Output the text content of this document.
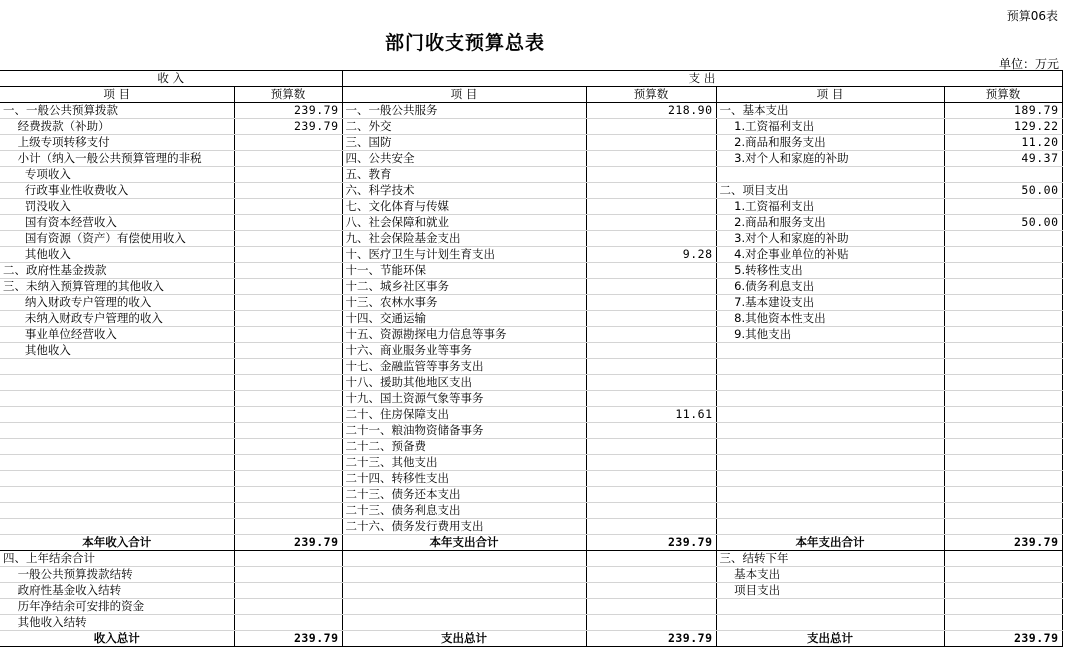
预算06表
部门收支预算总表
单位：万元
收 入		支 出			
项 目	预算数	项 目	预算数	项 目	预算数
一、一般公共预算拨款	239.79	一、一般公共服务	218.90	一、基本支出	189.79
经费拨款（补助）	239.79	二、外交		1.工资福利支出	129.22
上级专项转移支付		三、国防		2.商品和服务支出	11.20
小计（纳入一般公共预算管理的非税		四、公共安全		3.对个人和家庭的补助	49.37
专项收入		五、教育			
行政事业性收费收入		六、科学技术		二、项目支出	50.00
罚没收入		七、文化体育与传媒		1.工资福利支出	
国有资本经营收入		八、社会保障和就业		2.商品和服务支出	50.00
国有资源（资产）有偿使用收入		九、社会保险基金支出		3.对个人和家庭的补助	
其他收入		十、医疗卫生与计划生育支出	9.28	4.对企事业单位的补贴	
二、政府性基金拨款		十一、节能环保		5.转移性支出	
三、未纳入预算管理的其他收入		十二、城乡社区事务		6.债务利息支出	
纳入财政专户管理的收入		十三、农林水事务		7.基本建设支出	
未纳入财政专户管理的收入		十四、交通运输		8.其他资本性支出	
事业单位经营收入		十五、资源勘探电力信息等事务		9.其他支出	
其他收入		十六、商业服务业等事务			
		十七、金融监管等事务支出			
		十八、援助其他地区支出			
		十九、国土资源气象等事务			
		二十、住房保障支出	11.61		
		二十一、粮油物资储备事务			
		二十二、预备费			
		二十三、其他支出			
		二十四、转移性支出			
		二十三、债务还本支出			
		二十三、债务利息支出			
		二十六、债务发行费用支出			
本年收入合计	239.79	本年支出合计	239.79	本年支出合计	239.79
四、上年结余合计				三、结转下年	
一般公共预算拨款结转				基本支出	
政府性基金收入结转				项目支出	
历年净结余可安排的资金					
其他收入结转					
收入总计	239.79	支出总计	239.79	支出总计	239.79
